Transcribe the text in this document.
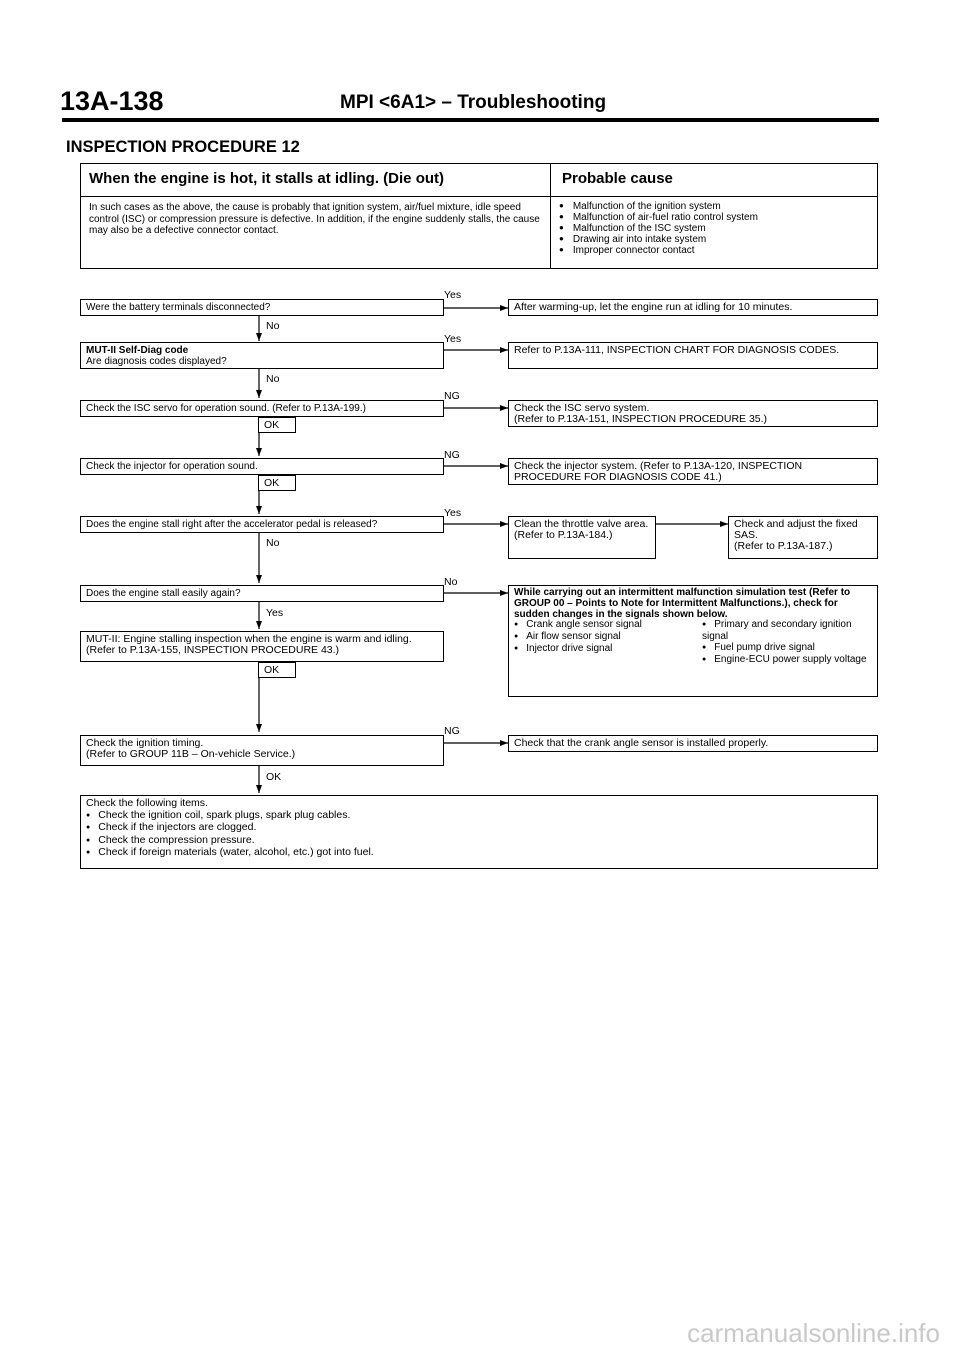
13A-138	MPI <6A1> – Troubleshooting
INSPECTION PROCEDURE 12
When the engine is hot, it stalls at idling. (Die out)	Probable cause
In such cases as the above, the cause is probably that ignition system, air/fuel mixture, idle speed control (ISC) or compression pressure is defective. In addition, if the engine suddenly stalls, the cause may also be a defective connector contact.
● Malfunction of the ignition system
● Malfunction of air-fuel ratio control system
● Malfunction of the ISC system
● Drawing air into intake system
● Improper connector contact
Yes
Were the battery terminals disconnected?	After warming-up, let the engine run at idling for 10 minutes.
No
Yes
MUT-II Self-Diag code
Are diagnosis codes displayed?
Refer to P.13A-111, INSPECTION CHART FOR DIAGNOSIS CODES.
No
NG
Check the ISC servo for operation sound. (Refer to P.13A-199.)	Check the ISC servo system.
(Refer to P.13A-151, INSPECTION PROCEDURE 35.)
OK
NG
Check the injector for operation sound.	Check the injector system. (Refer to P.13A-120, INSPECTION PROCEDURE FOR DIAGNOSIS CODE 41.)
OK
Yes
Does the engine stall right after the accelerator pedal is released?	Clean the throttle valve area.
(Refer to P.13A-184.)
Check and adjust the fixed SAS.
(Refer to P.13A-187.)
No
No
Does the engine stall easily again?	While carrying out an intermittent malfunction simulation test (Refer to GROUP 00 – Points to Note for Intermittent Malfunctions.), check for sudden changes in the signals shown below.
● Crank angle sensor signal
● Air flow sensor signal
● Injector drive signal
● Primary and secondary ignition signal
● Fuel pump drive signal
● Engine-ECU power supply voltage
Yes
MUT-II: Engine stalling inspection when the engine is warm and idling. (Refer to P.13A-155, INSPECTION PROCEDURE 43.)
OK
NG
Check the ignition timing.
(Refer to GROUP 11B – On-vehicle Service.)
Check that the crank angle sensor is installed properly.
OK
Check the following items.
● Check the ignition coil, spark plugs, spark plug cables.
● Check if the injectors are clogged.
● Check the compression pressure.
● Check if foreign materials (water, alcohol, etc.) got into fuel.
carmanualsonline.info
